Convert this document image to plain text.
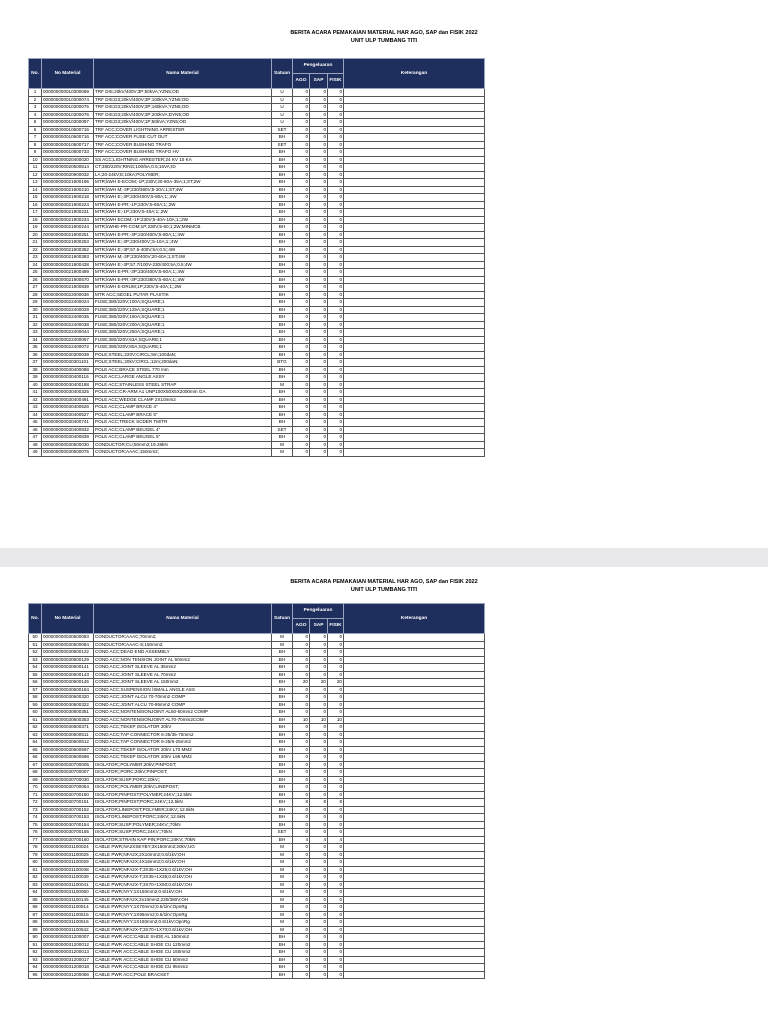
BERITA ACARA PEMAKAIAN MATERIAL HAR AGO, SAP dan FISIK 2022
UNIT ULP TUMBANG TITI
No.	No Material	Nama Material	Satuan	Pengeluaran			Keterangan
				AGO	SAP	FISIK	
1	000000000010300069	TRF DIS;20kV/400V;3P;50kVA;YZN5;OD	U	0	0	0	
2	000000000010300074	TRF DIS;D3;20kV/400V;3P;100kVA;YZN5;OD	U	0	0	0	
3	000000000010300075	TRF DIS;D3;20kV/400V;3P;160kVA;YZN5;OD	U	0	0	0	
4	000000000010300076	TRF DIS;D3;20kV/400V;3P;200kVA;DYN5;OD	U	0	0	0	
5	000000000010300097	TRF DIS;D3;20kV/400V;1P;50kVA;YZN5;OD	U	0	0	0	
6	000000000010600715	TRF ACC;COVER LIGHTNING ARRESTER	SET	0	0	0	
7	000000000010600716	TRF ACC;COVER FUSE CUT OUT	BH	0	0	0	
8	000000000010600717	TRF ACC;COVER BUSHING TRAFO	SET	0	0	0	
9	000000000010600733	TRF ACC;COVER BUSHING TRAFO HV	BH	0	0	0	
10	000000000020400020	SS ACC;LIGHTNING ARRESTER;24 KV 10 KA	BH	0	0	0	
11	000000000020500514	CT;380/220V;RING;100/5A;0.5;15VA;ID	BH	0	0	0	
12	000000000020900032	LA;20-24kV;E;10kA;POLYMER;	BH	0	0	0	
13	000000000021900195	MTR;kWH E-ECOM;-1P;230V;20-60A-35A;1;ST;2W	BH	0	0	0	
14	000000000021900210	MTR;kWH M;-3P;230/380V;5-20A;1;ST;4W	BH	0	0	0	
15	000000000021900218	MTR;kWH E;-3P;230/400V;5-80A;1;;4W	BH	0	0	0	
16	000000000021900224	MTR;kWH E-PR;-1P;230V;5-60A;1;;2W	BH	0	0	0	
17	000000000021900231	MTR;kWH E;-1P;230V;5-40A;1;;2W	BH	0	0	0	
18	000000000021900234	MTR;kWH ECOM;-1P;230V;5-40A-10A;1;;2W	BH	0	0	0	
19	000000000021900244	MTR;kWHE-PR-COM;1P;230V;5-60;1;2W;MINMCB	BH	0	0	0	
20	000000000021900251	MTR;kWH E-PR;-3P;230/400V;5-80A;1;;4W	BH	0	0	0	
21	000000000021900253	MTR;kWH E;-3P;230/400V;;5-10A;1;;4W	BH	0	0	0	
22	000000000021900352	MTR;kWH E;-3P;57.5-400V;5A;0.5;;4W	BH	0	0	0	
23	000000000021900383	MTR;kWH M;-3P;230/400V;20-60A;1;ST;4W	BH	0	0	0	
24	000000000021900438	MTR;kWH E;-3P;57.7/100V-230/400;5A;0.5;4W	BH	0	0	0	
25	000000000021900489	MTR;kWH E-PR;-3P;230/400V;5-60A;1;;4W	BH	0	0	0	
26	000000000021900570	MTR;kWH E-PR;-3P;230/380V;5-60A;1;;4W	BH	0	0	0	
27	000000000021900839	MTR;kWH E-DRUM;1P;230V;5-40A;1;;2W	BH	0	0	0	
28	000000000022000036	MTR ACC;SEGEL PUTAR PLASTIK	BH	0	0	0	
29	000000000022400024	FUSE;380/220V;100A;SQUARE;1	BH	0	0	0	
30	000000000022400029	FUSE;380/220V;125A;SQUARE;1	BH	0	0	0	
31	000000000022400035	FUSE;380/220V;160A;SQUARE;1	BH	0	0	0	
32	000000000022400038	FUSE;380/220V;200A;SQUARE;1	BH	0	0	0	
33	000000000022400044	FUSE;380/220V;250A;SQUARE;1	BH	0	0	0	
34	000000000022400067	FUSE;380/220V;63A;SQUARE;1	BH	0	0	0	
35	000000000022400072	FUSE;380/220V;80A;SQUARE;1	BH	0	0	0	
36	000000000030300039	POLE;STEEL;220V;CIRCL;9m;100daN;	BH	0	0	0	
37	000000000030301101	POLE;STEEL;20kV;CIRCL;12m;200daN;	BTG	0	0	0	
38	000000000030400088	POLE ACC;BRACE STEEL 770 mm	BH	0	0	0	
39	000000000030400116	POLE ACC;LARGE ANGLE ASSY	BH	0	0	0	
40	000000000030400188	POLE ACC;STAINLESS STEEL STRAP	M	0	0	0	
41	000000000030400325	POLE ACC;CR-ARM A1 UNP100X50X5X2000mm GA	BH	0	0	0	
42	000000000030400491	POLE ACC;WEDGE CLAMP 2X10mm2	BH	0	0	0	
43	000000000030400526	POLE ACC;CLAMP BRACE 4"	BH	0	0	0	
44	000000000030400527	POLE ACC;CLAMP BRACE 5"	BH	0	0	0	
45	000000000030400741	POLE ACC;TRECK SCDER TM/TR	BH	0	0	0	
46	000000000030400832	POLE ACC;CLAMP BEUGEL 4"	SET	0	0	0	
47	000000000030400839	POLE ACC;CLAMP BEUGEL 5"	BH	0	0	0	
48	000000000030500030	CONDUCTOR;CU;50mm2;19.28kN	M	0	0	0	
49	000000000030500075	CONDUCTOR;AAAC;150mm2;	M	0	0	0	
BERITA ACARA PEMAKAIAN MATERIAL HAR AGO, SAP dan FISIK 2022
UNIT ULP TUMBANG TITI
No.	No Material	Nama Material	Satuan	Pengeluaran			Keterangan
				AGO	SAP	FISIK	
50	000000000030500083	CONDUCTOR;AAAC;70mm2;	M	0	0	0	
51	000000000030500084	CONDUCTOR;AAAC-S;150mm2;	M	0	0	0	
52	000000000030600122	COND ACC;DEAD END ASSEMBLY	BH	0	0	0	
53	000000000030600129	COND ACC;NON TENSION JOINT AL 50mm2	BH	0	0	0	
54	000000000030600141	COND ACC;JOINT SLEEVE AL 35mm2	BH	0	0	0	
55	000000000030600143	COND ACC;JOINT SLEEVE AL 70mm2	BH	0	0	0	
56	000000000030600145	COND ACC;JOINT SLEEVE AL 150mm2	BH	20	20	20	
57	000000000030600184	COND ACC;SUSPENSION /SMALL ANGLE ASS	BH	0	0	0	
58	000000000030600320	COND ACC;JOINT ALCU 70-70mm2 COMP	BH	0	0	0	
59	000000000030600322	COND ACC;JOINT ALCU 70-95mm2 COMP	BH	0	0	0	
60	000000000030600351	COND ACC;NONTENSIONJOINT AL50-50mm2 COMP	BH	0	0	0	
61	000000000030600353	COND ACC;NONTENSIONJOINT AL70-70mm2COM	BH	10	10	10	
62	000000000030600371	COND ACC;TEKEP ISOLATOR 20kV	BH	0	0	0	
63	000000000030600511	COND ACC;TAP CONNECTOR 6-25/35-70mm2	BH	0	0	0	
64	000000000030600512	COND ACC;TAP CONNECTOR 6-25/6-25mm2	BH	0	0	0	
65	000000000030600597	COND ACC;TEKEP ISOLATOR 20kV L70 MM2	BH	0	0	0	
66	000000000030600598	COND ACC;TEKEP ISOLATOR 20kV L95 MM2	BH	0	0	0	
67	000000000030700005	ISOLATOR;;POLYMER;20kV;PINPOST;	BH	0	0	0	
68	000000000030700007	ISOLATOR;;PORC;20kV;PINPOST;	BH	0	0	0	
69	000000000030700030	ISOLATOR;SUSP;PORC;20kV;;	BH	0	0	0	
70	000000000030700064	ISOLATOR;;POLYMER;20kV;LINEPOST;	BH	0	0	0	
71	000000000030700150	ISOLATOR;PINPOST;POLYMER;24KV;;12.5kN	BH	0	0	0	
72	000000000030700151	ISOLATOR;PINPOST;PORC;24KV;;12.5kN	BH	8	8	8	
73	000000000030700152	ISOLATOR;LINEPOST;POLYMER;24KV;;12.5kN	BH	0	0	0	
74	000000000030700153	ISOLATOR;LINEPOST;PORC;24KV;;12.5kN	BH	0	0	0	
75	000000000030700154	ISOLATOR;SUSP;POLYMER;24KV;;70kN	BH	0	0	0	
76	000000000030700155	ISOLATOR;SUSP;PORC;24KV;;70kN	SET	0	0	0	
77	000000000030700160	ISOLATOR;STRAIN KAP PIN;PORC;24KV;;70kN	BH	4	4	4	
78	000000000031100024	CABLE PWR;NA2XSEYBY;3X150mm2;20kV;UG	M	0	0	0	
79	000000000031100025	CABLE PWR;NFA2X;2X10mm2;0.6/1kV;OH	M	0	0	0	
80	000000000031100029	CABLE PWR;NFA2X;4X16mm2;0.6/1kV;OH	M	0	0	0	
81	000000000031100038	CABLE PWR;NFA2X-T;3X35+1X25;0.6/1kV;OH	M	0	0	0	
82	000000000031100039	CABLE PWR;NFA2X-T;3X35+1X35;0.6/1kV;OH	M	0	0	0	
83	000000000031100041	CABLE PWR;NFA2X-T;3X70+1X50;0.6/1kV;OH	M	0	0	0	
84	000000000031100060	CABLE PWR;NYY;1X150mm2;0.6/1kV;OH	M	0	0	0	
85	000000000031100145	CABLE PWR;NFA2X;2x10mm2;230/380V;OH	M	0	0	0	
86	000000000031100514	CABLE PWR;NYY;1X70mm2;0.6/1kV;OpnRg	M	0	0	0	
87	000000000031100515	CABLE PWR;NYY;1X95mm2;0.6/1kV;OpnRg	M	0	0	0	
88	000000000031100516	CABLE PWR;NYY;1X150mm2;0.6/1kV;OpnRg	M	0	0	0	
89	000000000031100542	CABLE PWR;NFA2X-T;3X70+1X70;0.6/1kV;OH	M	0	0	0	
90	000000000031200007	CABLE PWR ACC;CABLE SHOE AL 150mm2	BH	0	0	0	
91	000000000031200012	CABLE PWR ACC;CABLE SHOE CU 120mm2	BH	0	0	0	
92	000000000031200013	CABLE PWR ACC;CABLE SHOE CU 150mm2	BH	0	0	0	
93	000000000031200017	CABLE PWR ACC;CABLE SHOE CU 50mm2	BH	0	0	0	
94	000000000031200018	CABLE PWR ACC;CABLE SHOE CU 95mm2	BH	0	0	0	
95	000000000031200066	CABLE PWR ACC;POLE BRACKET	BH	0	0	0	
